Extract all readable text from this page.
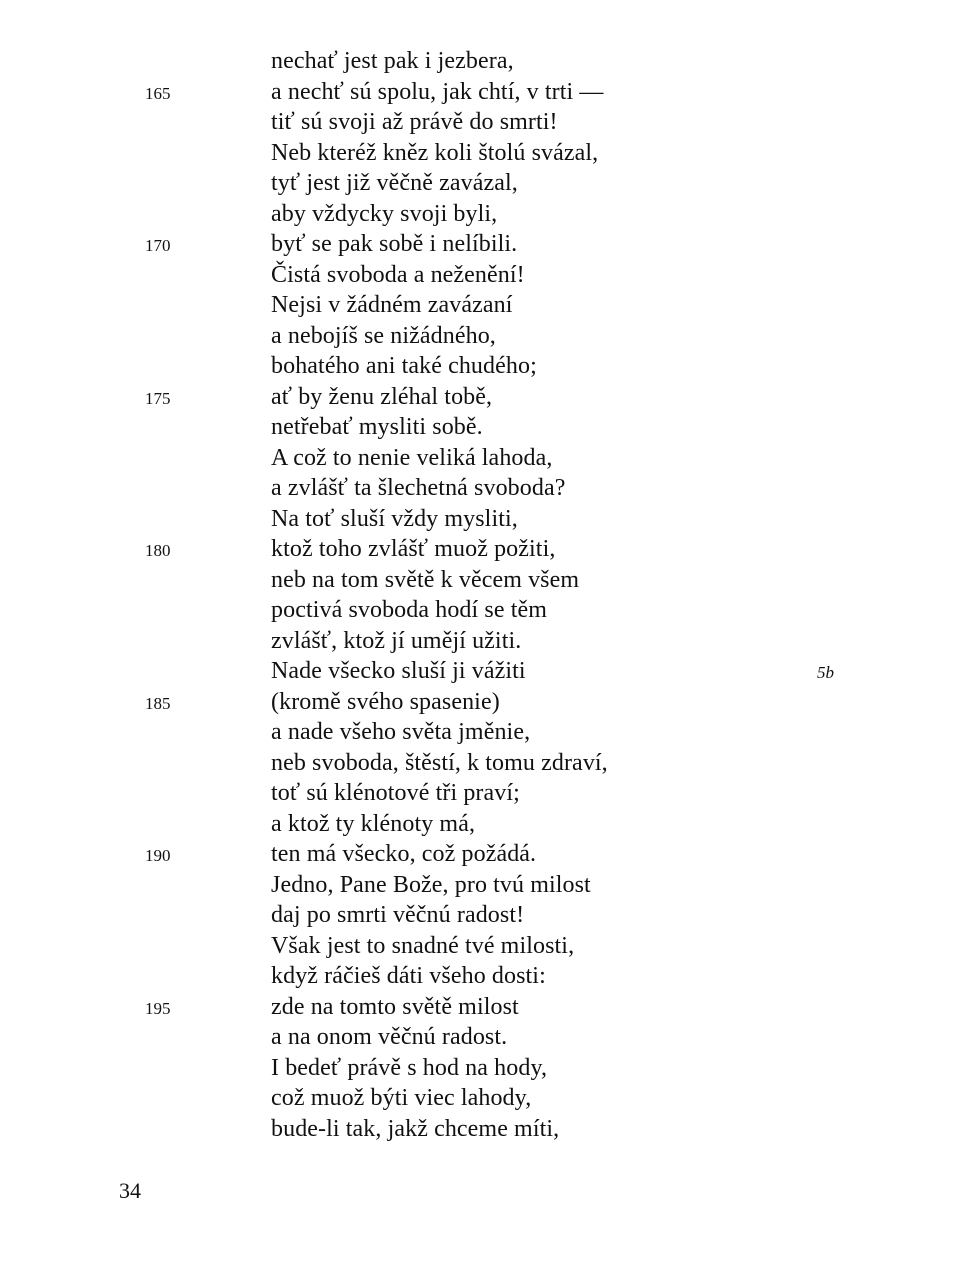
nechať jest pak i jezbera,
165	a nechť sú spolu, jak chtí, v trti —
tiť sú svoji až právě do smrti!
Neb kteréž kněz koli štolú svázal,
tyť jest již věčně zavázal,
aby vždycky svoji byli,
170	byť se pak sobě i nelíbili.
Čistá svoboda a neženění!
Nejsi v žádném zavázaní
a nebojíš se nižádného,
bohatého ani také chudého;
175	ať by ženu zléhal tobě,
netřebať mysliti sobě.
A což to nenie veliká lahoda,
a zvlášť ta šlechetná svoboda?
Na toť sluší vždy mysliti,
180	ktož toho zvlášť muož požiti,
neb na tom světě k věcem všem
poctivá svoboda hodí se těm
zvlášť, ktož jí umějí užiti.
Nade všecko sluší ji vážiti	5b
185	(kromě svého spasenie)
a nade všeho světa jměnie,
neb svoboda, štěstí, k tomu zdraví,
toť sú klénotové tři praví;
a ktož ty klénoty má,
190	ten má všecko, což požádá.
Jedno, Pane Bože, pro tvú milost
daj po smrti věčnú radost!
Však jest to snadné tvé milosti,
když ráčieš dáti všeho dosti:
195	zde na tomto světě milost
a na onom věčnú radost.
I bedeť právě s hod na hody,
což muož býti viec lahody,
bude-li tak, jakž chceme míti,
34
